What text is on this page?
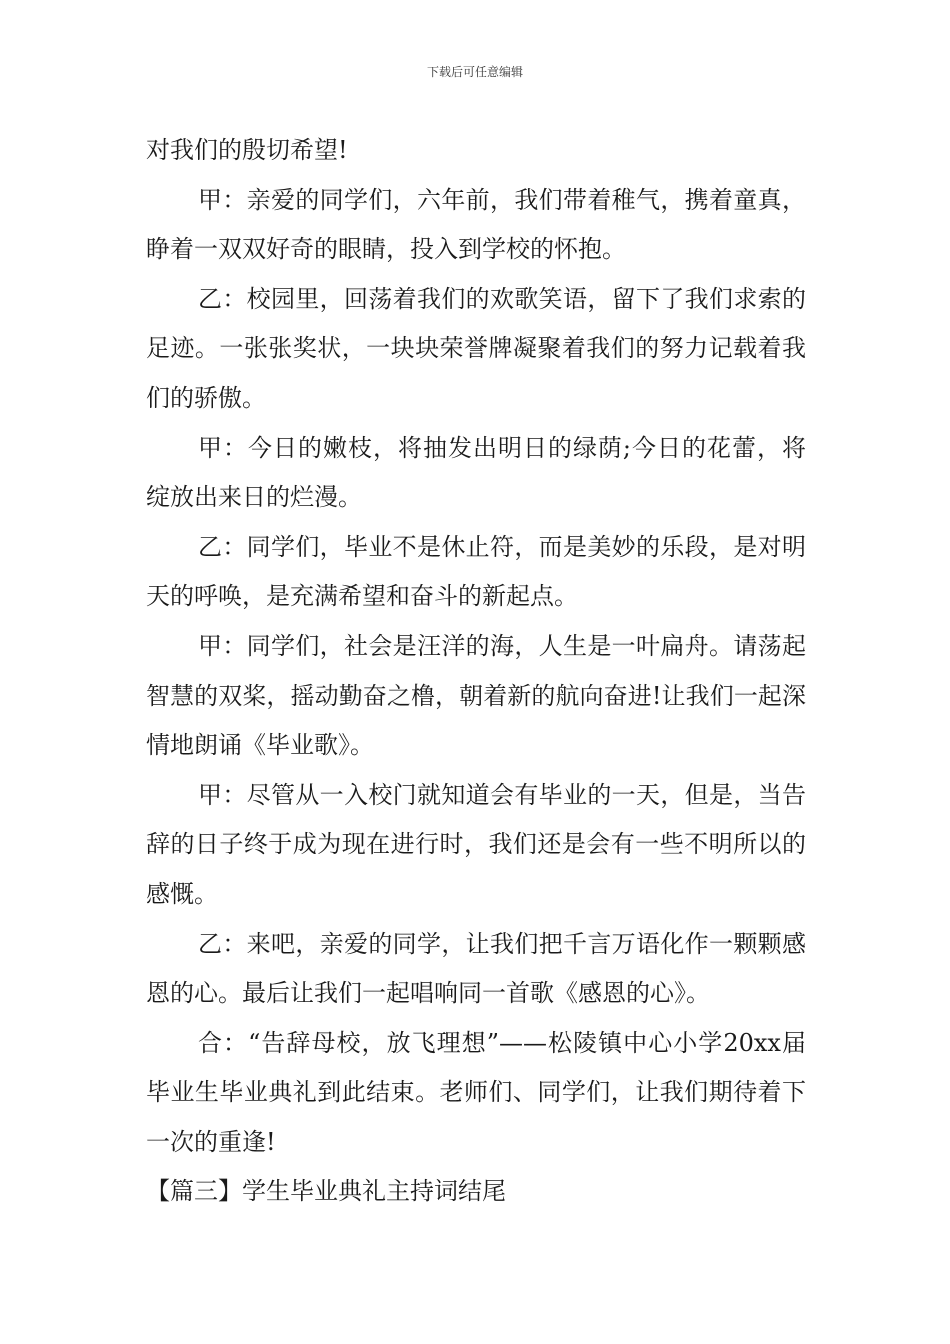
下载后可任意编辑

对我们的殷切希望!

甲：亲爱的同学们，六年前，我们带着稚气，携着童真，睁着一双双好奇的眼睛，投入到学校的怀抱。

乙：校园里，回荡着我们的欢歌笑语，留下了我们求索的足迹。一张张奖状，一块块荣誉牌凝聚着我们的努力记载着我们的骄傲。

甲：今日的嫩枝，将抽发出明日的绿荫;今日的花蕾，将绽放出来日的烂漫。

乙：同学们，毕业不是休止符，而是美妙的乐段，是对明天的呼唤，是充满希望和奋斗的新起点。

甲：同学们，社会是汪洋的海，人生是一叶扁舟。请荡起智慧的双桨，摇动勤奋之橹，朝着新的航向奋进!让我们一起深情地朗诵《毕业歌》。

甲：尽管从一入校门就知道会有毕业的一天，但是，当告辞的日子终于成为现在进行时，我们还是会有一些不明所以的感慨。

乙：来吧，亲爱的同学，让我们把千言万语化作一颗颗感恩的心。最后让我们一起唱响同一首歌《感恩的心》。

合：“告辞母校，放飞理想”——松陵镇中心小学20xx届毕业生毕业典礼到此结束。老师们、同学们，让我们期待着下一次的重逢!

【篇三】学生毕业典礼主持词结尾
